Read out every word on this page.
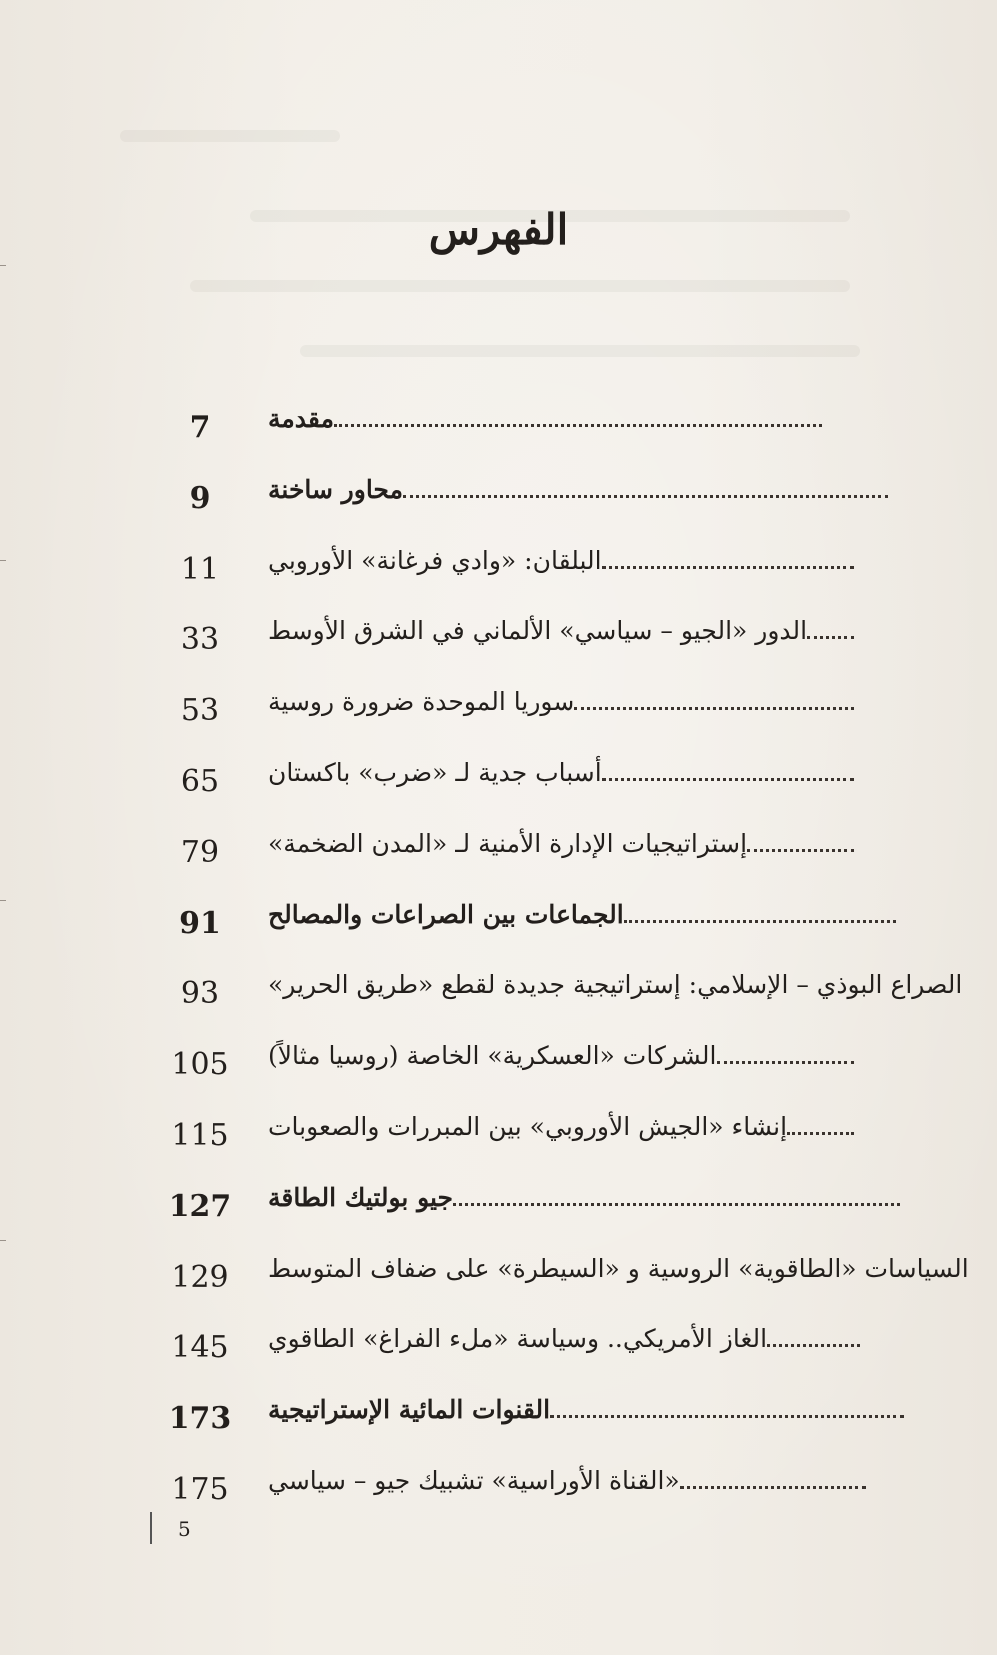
الفهرس
7	مقدمة
9	محاور ساخنة
11	البلقان: «وادي فرغانة» الأوروبي
33	الدور «الجيو – سياسي» الألماني في الشرق الأوسط
53	سوريا الموحدة ضرورة روسية
65	أسباب جدية لـ «ضرب» باكستان
79	إستراتيجيات الإدارة الأمنية لـ «المدن الضخمة»
91	الجماعات بين الصراعات والمصالح
93	الصراع البوذي – الإسلامي: إستراتيجية جديدة لقطع «طريق الحرير»
105	الشركات «العسكرية» الخاصة (روسيا مثالاً)
115	إنشاء «الجيش الأوروبي» بين المبررات والصعوبات
127	جيو بولتيك الطاقة
129	السياسات «الطاقوية» الروسية و «السيطرة» على ضفاف المتوسط
145	الغاز الأمريكي.. وسياسة «ملء الفراغ» الطاقوي
173	القنوات المائية الإستراتيجية
175	«القناة الأوراسية» تشبيك جيو – سياسي
5
